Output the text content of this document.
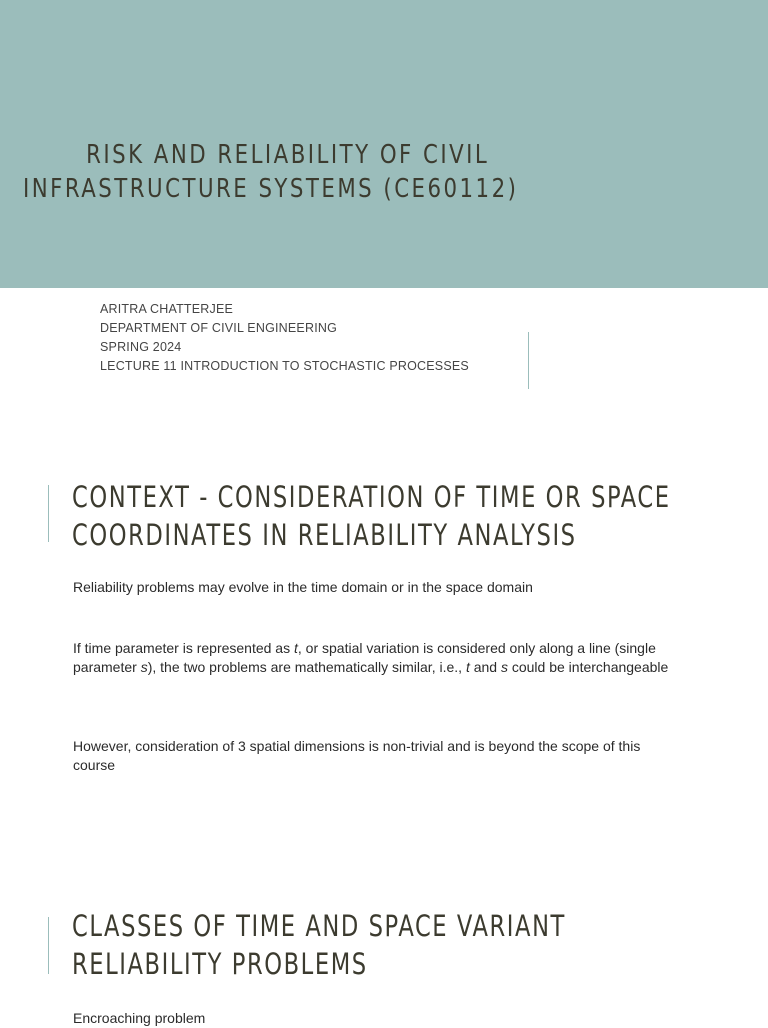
RISK AND RELIABILITY OF CIVIL
INFRASTRUCTURE SYSTEMS (CE60112)
ARITRA CHATTERJEE
DEPARTMENT OF CIVIL ENGINEERING
SPRING 2024
LECTURE 11 INTRODUCTION TO STOCHASTIC PROCESSES
CONTEXT - CONSIDERATION OF TIME OR SPACE
COORDINATES IN RELIABILITY ANALYSIS
Reliability problems may evolve in the time domain or in the space domain
If time parameter is represented as t, or spatial variation is considered only along a line (single parameter s), the two problems are mathematically similar, i.e., t and s could be interchangeable
However, consideration of 3 spatial dimensions is non-trivial and is beyond the scope of this course
CLASSES OF TIME AND SPACE VARIANT
RELIABILITY PROBLEMS
Encroaching problem
